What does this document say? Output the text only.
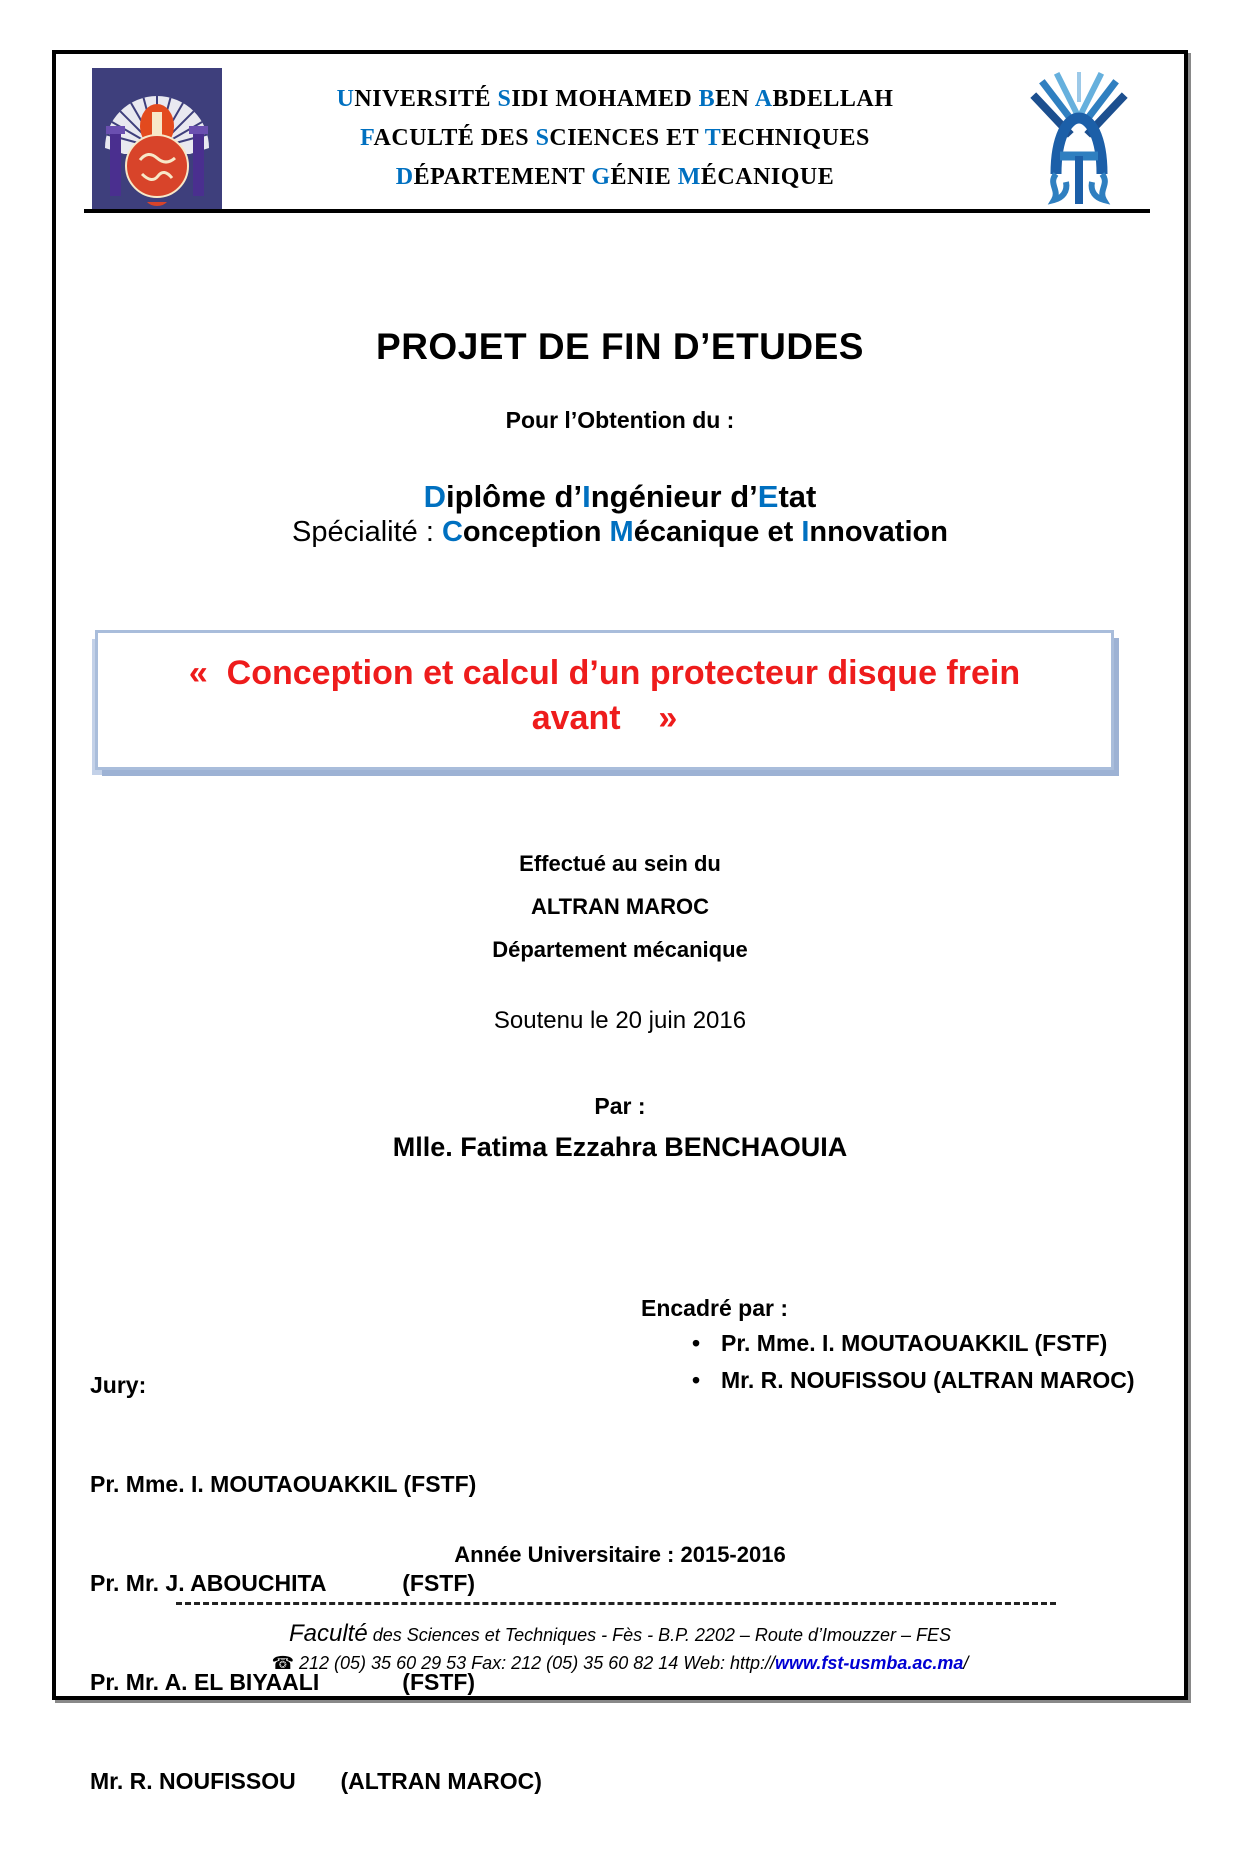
UNIVERSITÉ SIDI MOHAMED BEN ABDELLAH
FACULTÉ DES SCIENCES ET TECHNIQUES
DÉPARTEMENT GÉNIE MÉCANIQUE
PROJET DE FIN D’ETUDES
Pour l’Obtention du :
Diplôme d’Ingénieur d’Etat
Spécialité : Conception Mécanique et Innovation
«  Conception et calcul d’un protecteur disque frein
avant    »
Effectué au sein du
ALTRAN MAROC
Département mécanique
Soutenu le 20 juin 2016
Par :
Mlle. Fatima Ezzahra BENCHAOUIA

Jury:

Pr. Mme. I. MOUTAOUAKKIL (FSTF)

Pr. Mr. J. ABOUCHITA            (FSTF)

Pr. Mr. A. EL BIYAALI             (FSTF)

Mr. R. NOUFISSOU       (ALTRAN MAROC)

Encadré par :
• Pr. Mme. I. MOUTAOUAKKIL (FSTF)
• Mr. R. NOUFISSOU (ALTRAN MAROC)
Année Universitaire : 2015-2016
Faculté des Sciences et Techniques - Fès - B.P. 2202 – Route d’Imouzzer – FES
☎ 212 (05) 35 60 29 53 Fax: 212 (05) 35 60 82 14 Web: http://www.fst-usmba.ac.ma/
